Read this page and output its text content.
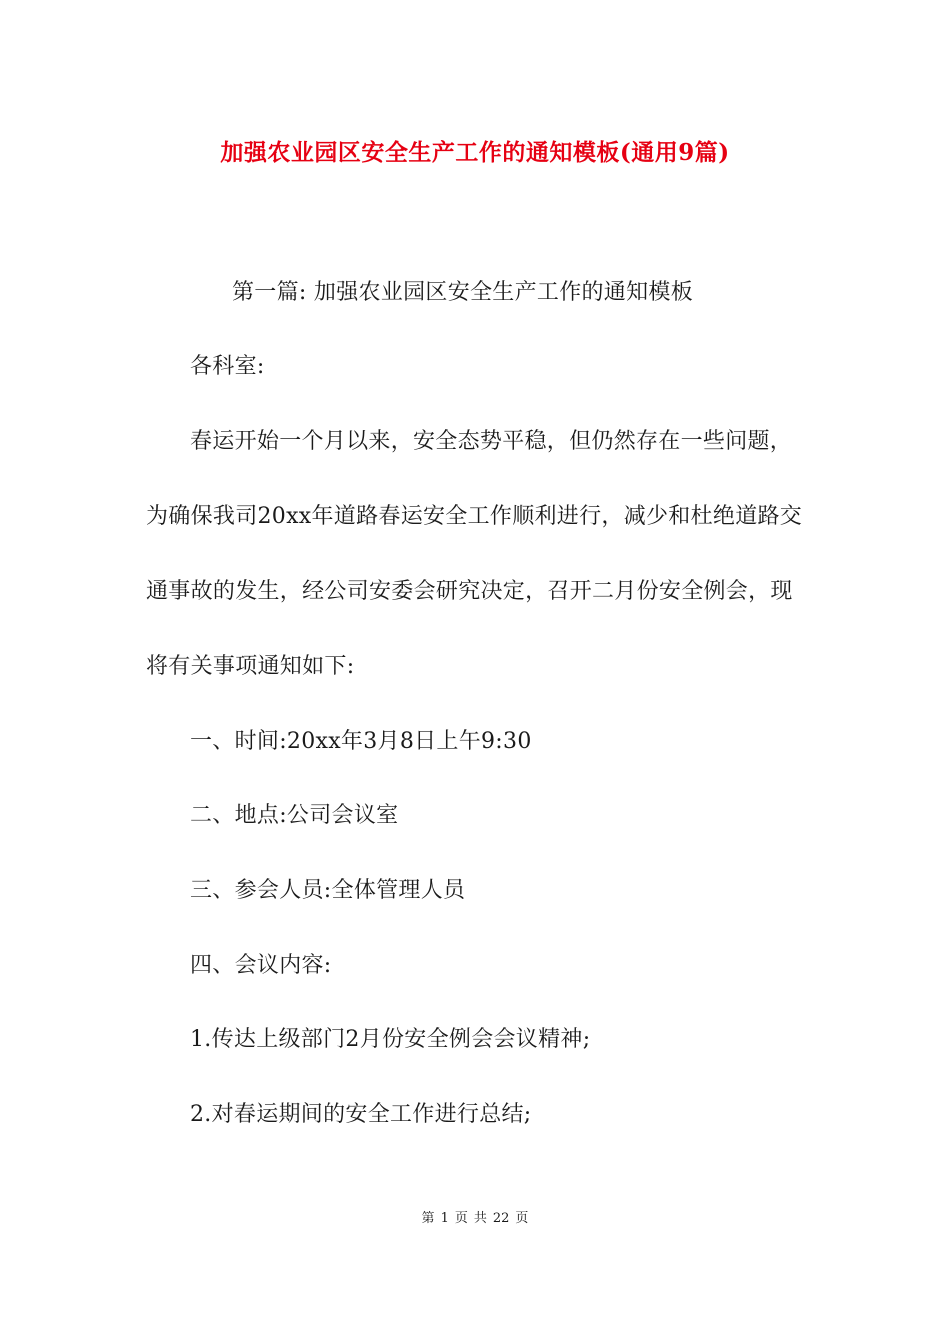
加强农业园区安全生产工作的通知模板(通用9篇)
第一篇: 加强农业园区安全生产工作的通知模板
各科室:
春运开始一个月以来，安全态势平稳，但仍然存在一些问题，
为确保我司20xx年道路春运安全工作顺利进行，减少和杜绝道路交
通事故的发生，经公司安委会研究决定，召开二月份安全例会，现
将有关事项通知如下:
一、时间:20xx年3月8日上午9:30
二、地点:公司会议室
三、参会人员:全体管理人员
四、会议内容:
1.传达上级部门2月份安全例会会议精神;
2.对春运期间的安全工作进行总结;
第 1 页 共 22 页
